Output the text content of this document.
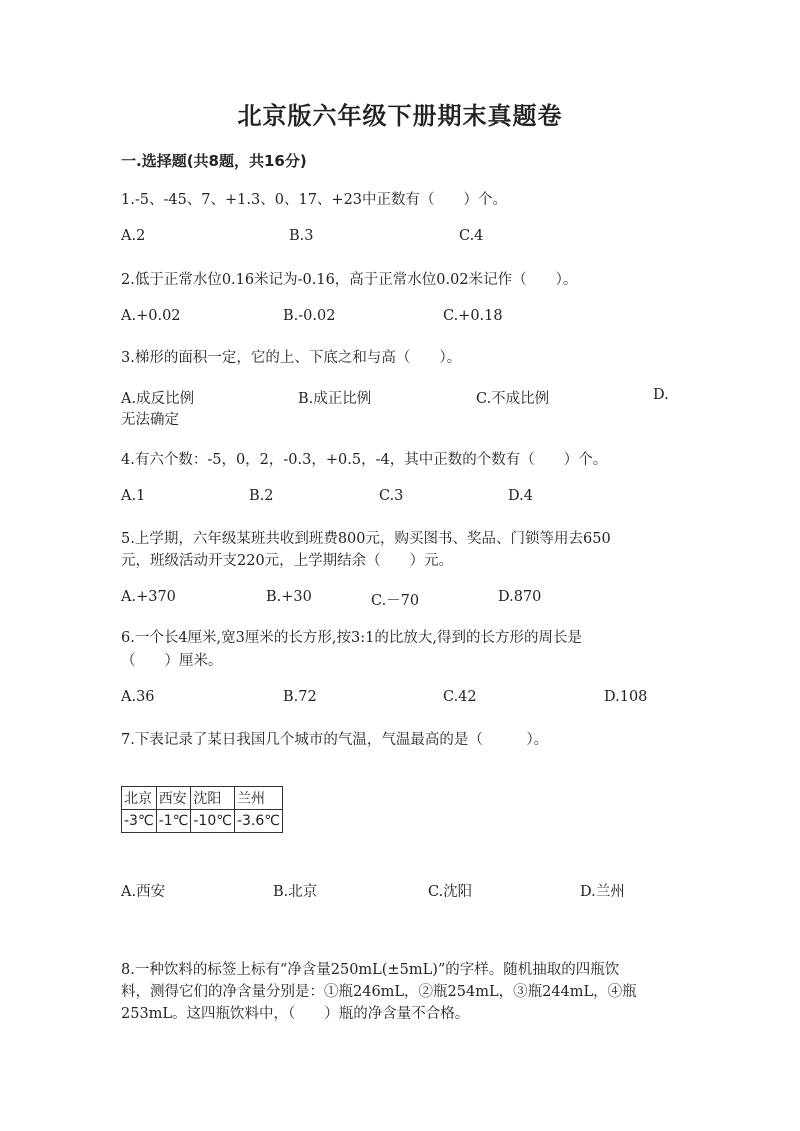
北京版六年级下册期末真题卷
一.选择题(共8题，共16分)
1.-5、-45、7、+1.3、0、17、+23中正数有（　　）个。
A.2	B.3	C.4
2.低于正常水位0.16米记为-0.16，高于正常水位0.02米记作（　　）。
A.+0.02	B.-0.02	C.+0.18
3.梯形的面积一定，它的上、下底之和与高（　　）。
A.成反比例	B.成正比例	C.不成比例	D.
无法确定
4.有六个数：-5，0，2，-0.3，+0.5，-4，其中正数的个数有（　　）个。
A.1	B.2	C.3	D.4
5.上学期，六年级某班共收到班费800元，购买图书、奖品、门锁等用去650
元，班级活动开支220元，上学期结余（　　）元。
A.+370	B.+30	C.－70	D.870
6.一个长4厘米,宽3厘米的长方形,按3:1的比放大,得到的长方形的周长是
（　　）厘米。
A.36	B.72	C.42	D.108
7.下表记录了某日我国几个城市的气温，气温最高的是（　　　）。
北京	西安	沈阳	兰州
-3℃	-1℃	-10℃	-3.6℃
A.西安	B.北京	C.沈阳	D.兰州
8.一种饮料的标签上标有“净含量250mL(±5mL)”的字样。随机抽取的四瓶饮
料，测得它们的净含量分别是：①瓶246mL，②瓶254mL，③瓶244mL，④瓶
253mL。这四瓶饮料中，（　　）瓶的净含量不合格。
